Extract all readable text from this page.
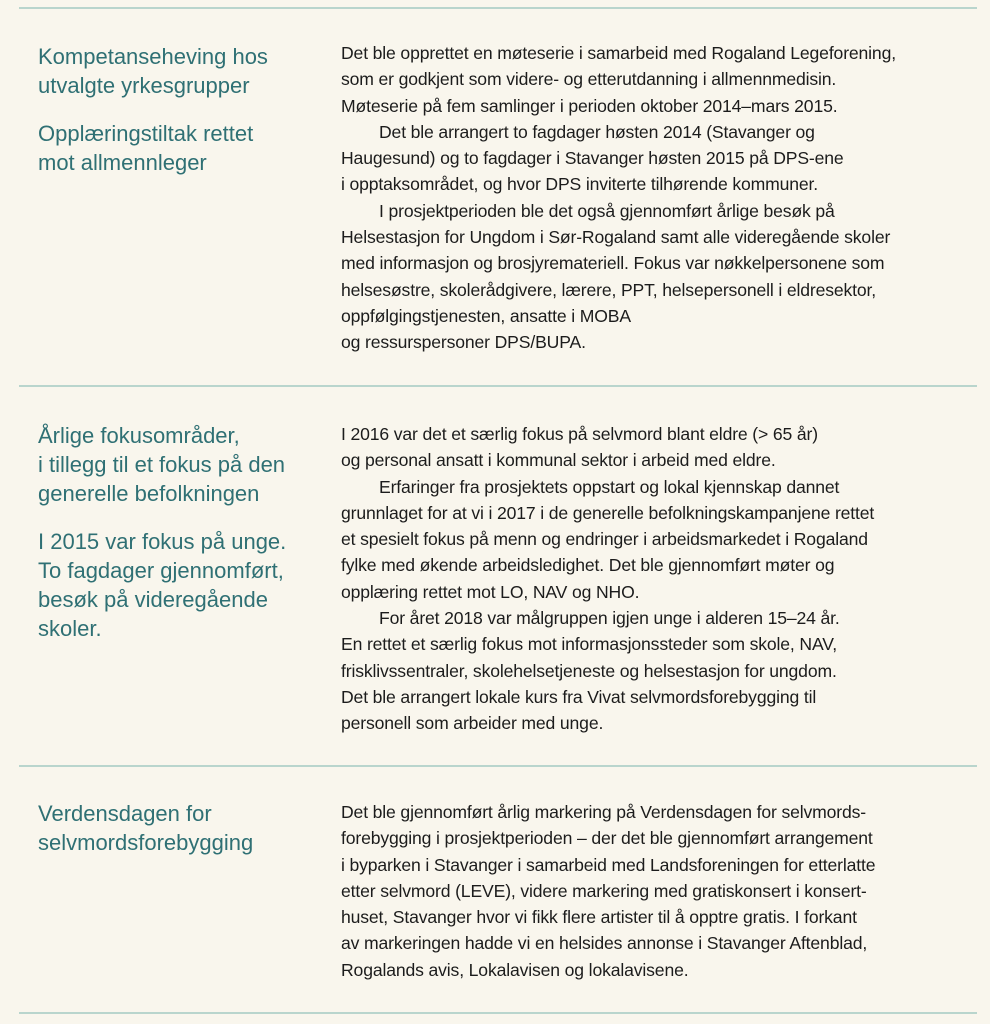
Kompetanseheving hos
utvalgte yrkesgrupper
Opplæringstiltak rettet
mot allmennleger
Det ble opprettet en møteserie i samarbeid med Rogaland Legeforening,
som er godkjent som videre- og etterutdanning i allmennmedisin.
Møteserie på fem samlinger i perioden oktober 2014–mars 2015.
Det ble arrangert to fagdager høsten 2014 (Stavanger og
Haugesund) og to fagdager i Stavanger høsten 2015 på DPS-ene
i opptaksområdet, og hvor DPS inviterte tilhørende kommuner.
I prosjektperioden ble det også gjennomført årlige besøk på
Helsestasjon for Ungdom i Sør-Rogaland samt alle videregående skoler
med informasjon og brosjyremateriell. Fokus var nøkkelpersonene som
helsesøstre, skolerådgivere, lærere, PPT, helsepersonell i eldresektor,
oppfølgingstjenesten, ansatte i MOBA
og ressurspersoner DPS/BUPA.
Årlige fokusområder,
i tillegg til et fokus på den
generelle befolkningen
I 2015 var fokus på unge.
To fagdager gjennomført,
besøk på videregående
skoler.
I 2016 var det et særlig fokus på selvmord blant eldre (> 65 år)
og personal ansatt i kommunal sektor i arbeid med eldre.
Erfaringer fra prosjektets oppstart og lokal kjennskap dannet
grunnlaget for at vi i 2017 i de generelle befolkningskampanjene rettet
et spesielt fokus på menn og endringer i arbeidsmarkedet i Rogaland
fylke med økende arbeidsledighet. Det ble gjennomført møter og
opplæring rettet mot LO, NAV og NHO.
For året 2018 var målgruppen igjen unge i alderen 15–24 år.
En rettet et særlig fokus mot informasjonssteder som skole, NAV,
frisklivssentraler, skolehelsetjeneste og helsestasjon for ungdom.
Det ble arrangert lokale kurs fra Vivat selvmordsforebygging til
personell som arbeider med unge.
Verdensdagen for
selvmordsforebygging
Det ble gjennomført årlig markering på Verdensdagen for selvmords-
forebygging i prosjektperioden – der det ble gjennomført arrangement
i byparken i Stavanger i samarbeid med Landsforeningen for etterlatte
etter selvmord (LEVE), videre markering med gratiskonsert i konsert-
huset, Stavanger hvor vi fikk flere artister til å opptre gratis. I forkant
av markeringen hadde vi en helsides annonse i Stavanger Aftenblad,
Rogalands avis, Lokalavisen og lokalavisene.
